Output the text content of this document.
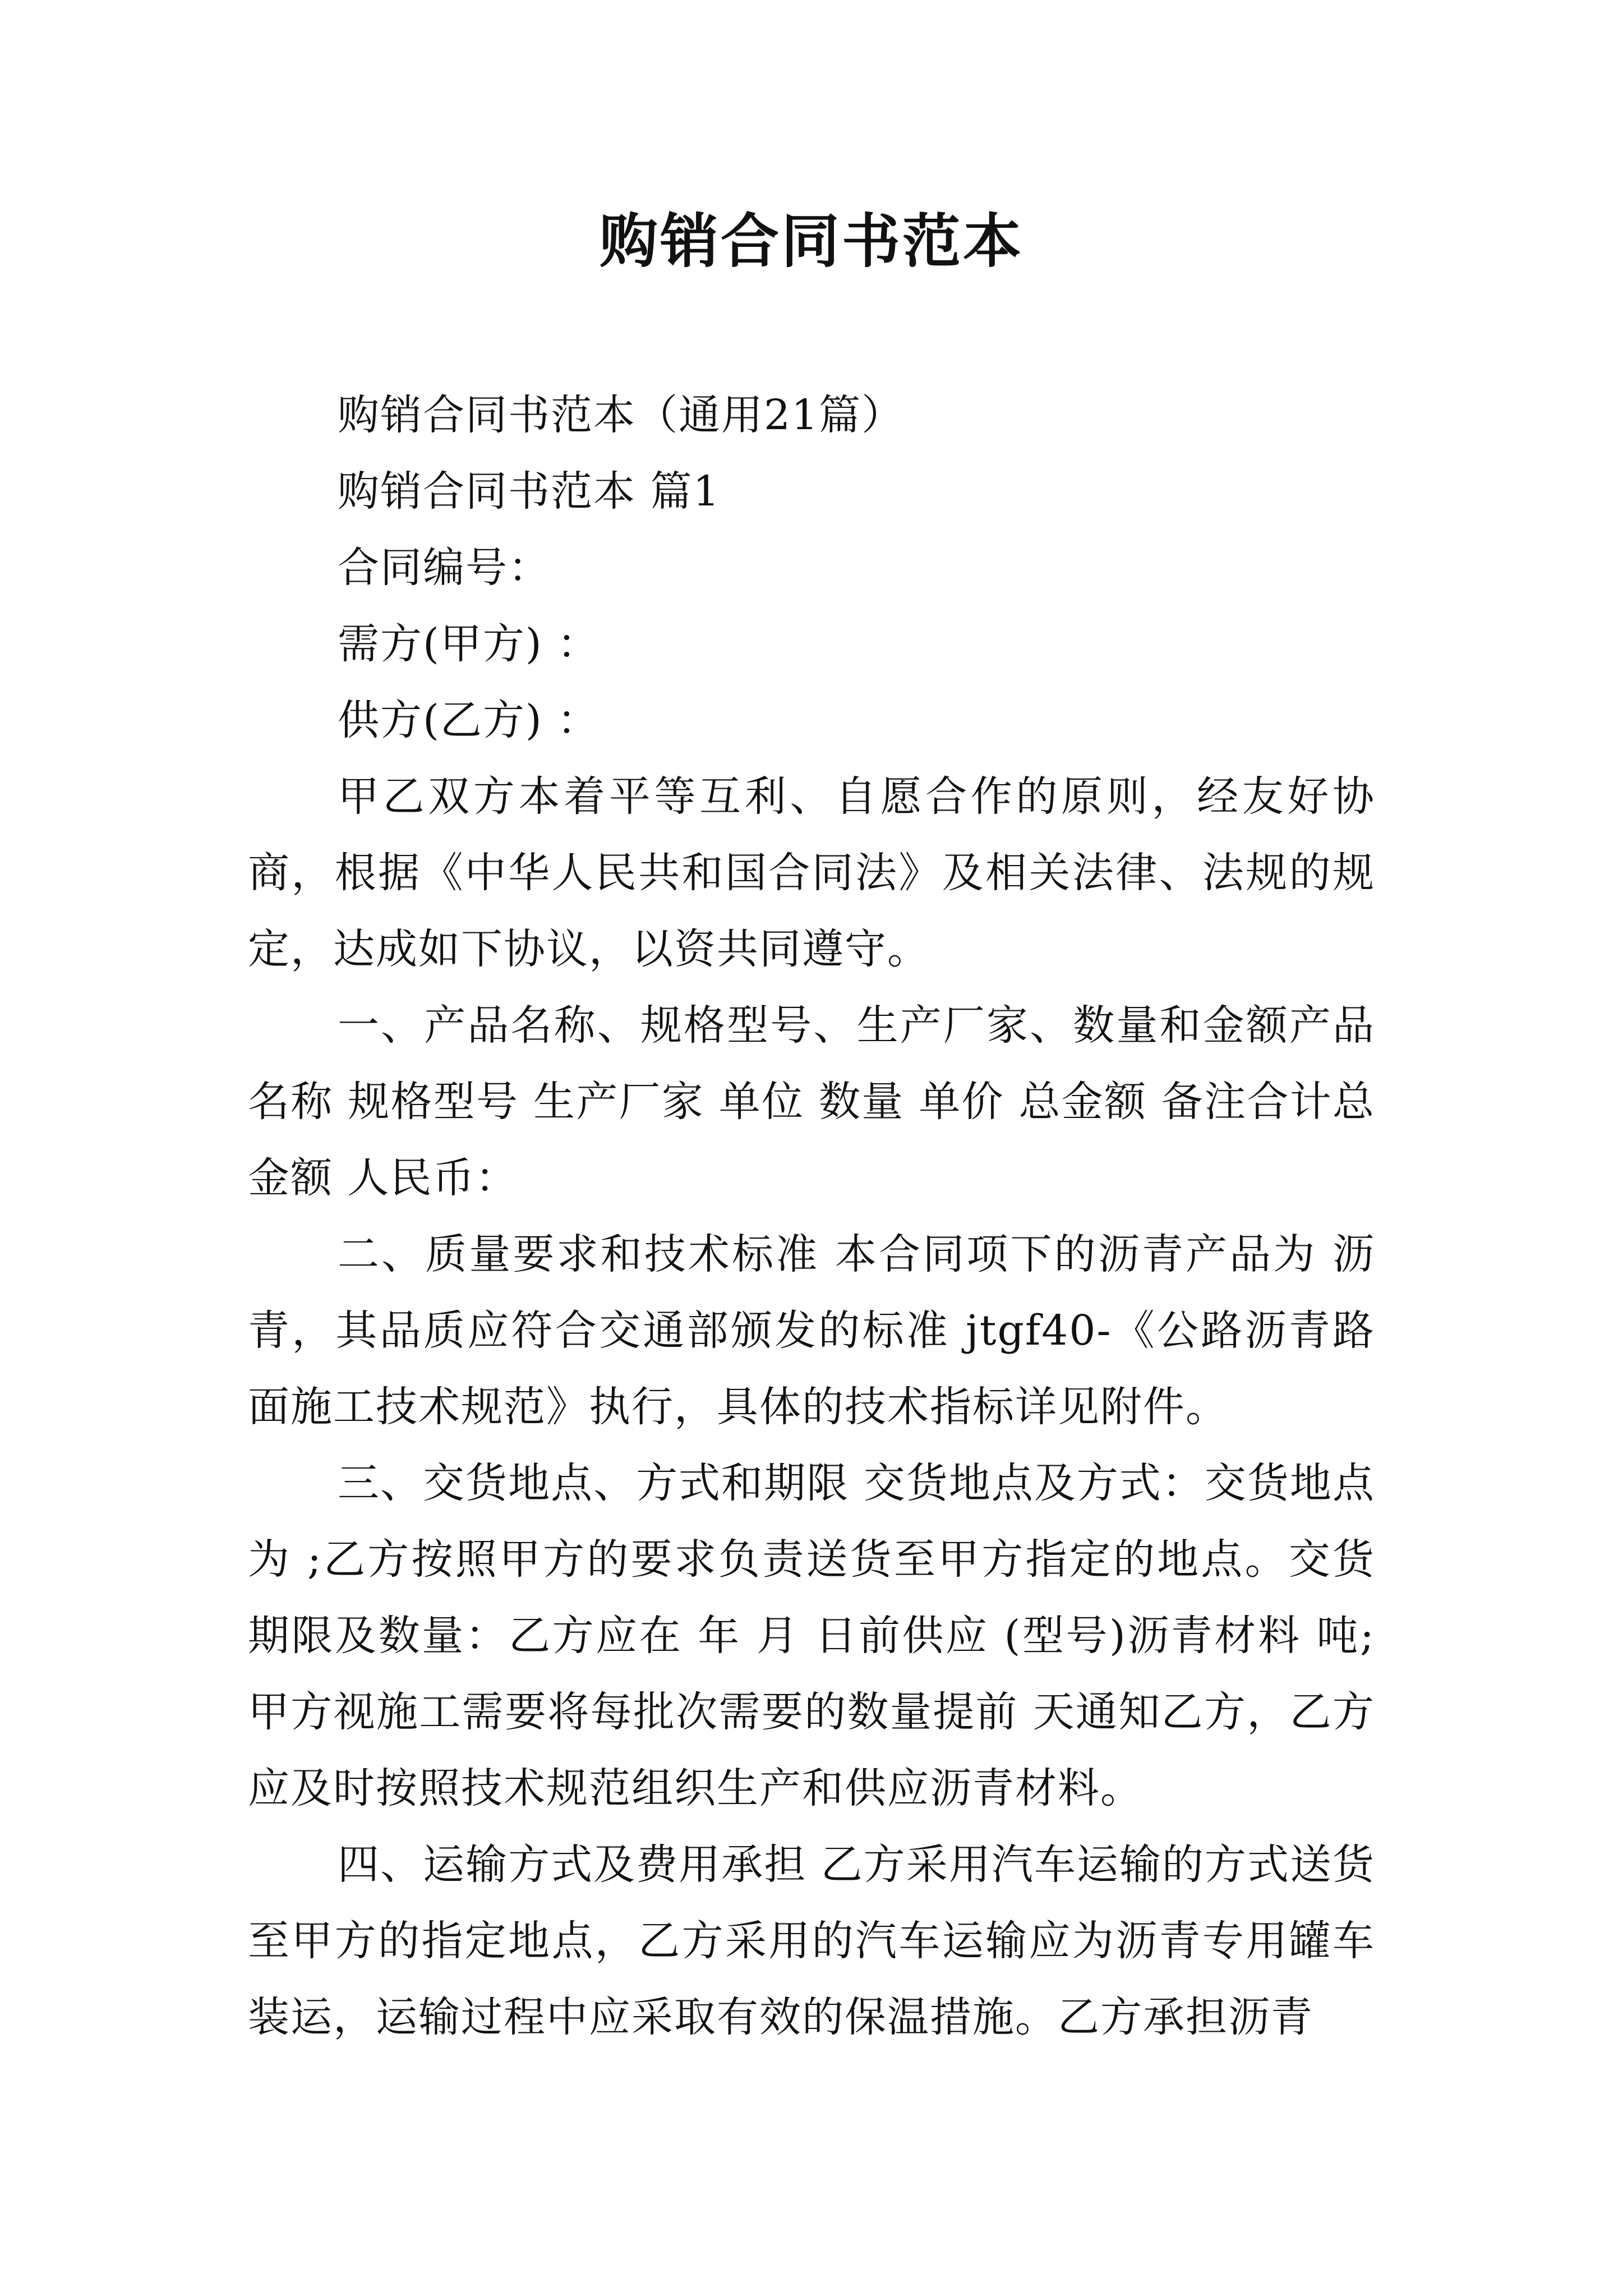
购销合同书范本
购销合同书范本（通用21篇）
购销合同书范本 篇1
合同编号：
需方(甲方) ：
供方(乙方) ：

甲乙双方本着平等互利、自愿合作的原则，经友好协商，根据《中华人民共和国合同法》及相关法律、法规的规定，达成如下协议，以资共同遵守。

一、产品名称、规格型号、生产厂家、数量和金额产品名称 规格型号 生产厂家 单位 数量 单价 总金额 备注合计总金额 人民币：

二、质量要求和技术标准 本合同项下的沥青产品为 沥青，其品质应符合交通部颁发的标准 jtgf40-《公路沥青路面施工技术规范》执行，具体的技术指标详见附件。

三、交货地点、方式和期限 交货地点及方式：交货地点为 ;乙方按照甲方的要求负责送货至甲方指定的地点。交货期限及数量：乙方应在 年 月 日前供应 (型号)沥青材料 吨;甲方视施工需要将每批次需要的数量提前 天通知乙方，乙方应及时按照技术规范组织生产和供应沥青材料。

四、运输方式及费用承担 乙方采用汽车运输的方式送货至甲方的指定地点，乙方采用的汽车运输应为沥青专用罐车装运，运输过程中应采取有效的保温措施。乙方承担沥青
